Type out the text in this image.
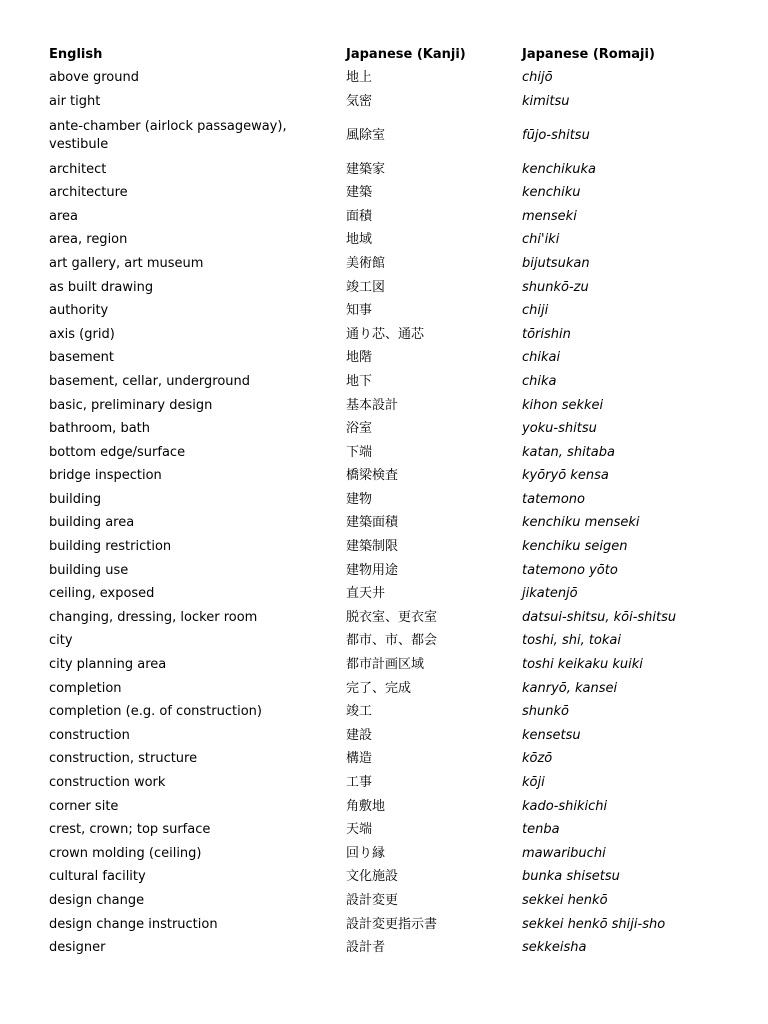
English	Japanese (Kanji)	Japanese (Romaji)
above ground	地上	chijō
air tight	気密	kimitsu
ante-chamber (airlock passageway), vestibule	風除室	fūjo-shitsu
architect	建築家	kenchikuka
architecture	建築	kenchiku
area	面積	menseki
area, region	地域	chi'iki
art gallery, art museum	美術館	bijutsukan
as built drawing	竣工図	shunkō-zu
authority	知事	chiji
axis (grid)	通り芯、通芯	tōrishin
basement	地階	chikai
basement, cellar, underground	地下	chika
basic, preliminary design	基本設計	kihon sekkei
bathroom, bath	浴室	yoku-shitsu
bottom edge/surface	下端	katan, shitaba
bridge inspection	橋梁検査	kyōryō kensa
building	建物	tatemono
building area	建築面積	kenchiku menseki
building restriction	建築制限	kenchiku seigen
building use	建物用途	tatemono yōto
ceiling, exposed	直天井	jikatenjō
changing, dressing, locker room	脱衣室、更衣室	datsui-shitsu, kōi-shitsu
city	都市、市、都会	toshi, shi, tokai
city planning area	都市計画区域	toshi keikaku kuiki
completion	完了、完成	kanryō, kansei
completion (e.g. of construction)	竣工	shunkō
construction	建設	kensetsu
construction, structure	構造	kōzō
construction work	工事	kōji
corner site	角敷地	kado-shikichi
crest, crown; top surface	天端	tenba
crown molding (ceiling)	回り縁	mawaribuchi
cultural facility	文化施設	bunka shisetsu
design change	設計変更	sekkei henkō
design change instruction	設計変更指示書	sekkei henkō shiji-sho
designer	設計者	sekkeisha
